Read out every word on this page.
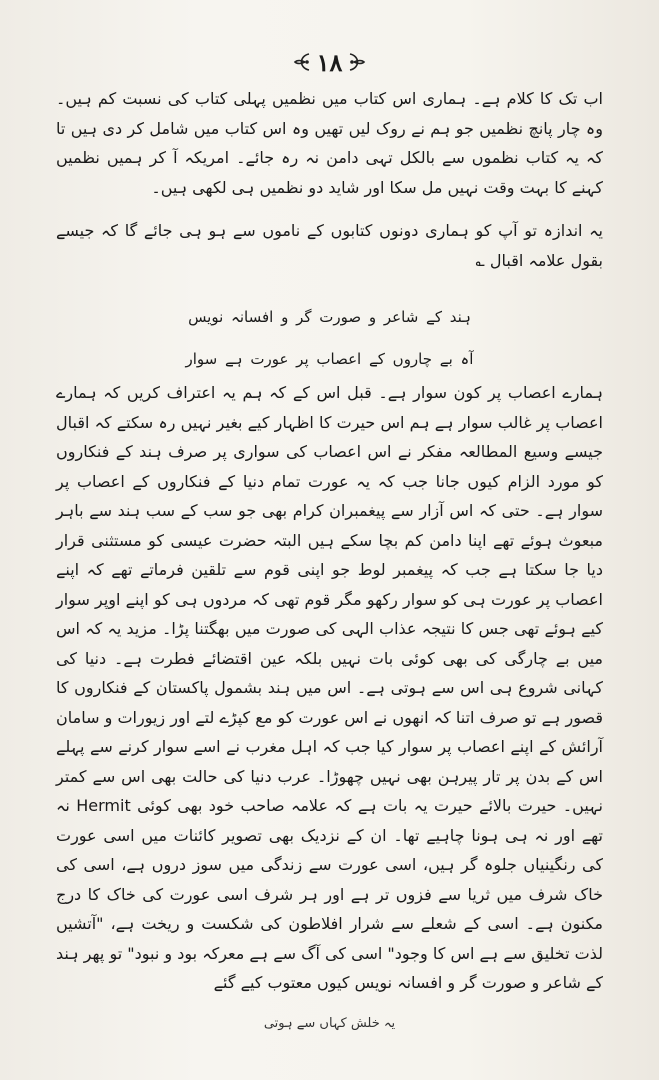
۱۸

اب تک کا کلام ہے۔ ہماری اس کتاب میں نظمیں پہلی کتاب کی نسبت کم ہیں۔ وہ چار پانچ نظمیں جو ہم نے روک لیں تھیں وہ اس کتاب میں شامل کر دی ہیں تا کہ یہ کتاب نظموں سے بالکل تہی دامن نہ رہ جائے۔ امریکہ آ کر ہمیں نظمیں کہنے کا بہت وقت نہیں مل سکا اور شاید دو نظمیں ہی لکھی ہیں۔

یہ اندازہ تو آپ کو ہماری دونوں کتابوں کے ناموں سے ہو ہی جائے گا کہ جیسے بقول علامہ اقبال ؎

ہند کے شاعر و صورت گر و افسانہ نویس

آہ بے چاروں کے اعصاب پر عورت ہے سوار

ہمارے اعصاب پر کون سوار ہے۔ قبل اس کے کہ ہم یہ اعتراف کریں کہ ہمارے اعصاب پر غالب سوار ہے ہم اس حیرت کا اظہار کیے بغیر نہیں رہ سکتے کہ اقبال جیسے وسیع المطالعہ مفکر نے اس اعصاب کی سواری پر صرف ہند کے فنکاروں کو مورد الزام کیوں جانا جب کہ یہ عورت تمام دنیا کے فنکاروں کے اعصاب پر سوار ہے۔ حتی کہ اس آزار سے پیغمبران کرام بھی جو سب کے سب ہند سے باہر مبعوث ہوئے تھے اپنا دامن کم بچا سکے ہیں البتہ حضرت عیسی کو مستثنی قرار دیا جا سکتا ہے جب کہ پیغمبر لوط جو اپنی قوم سے تلقین فرماتے تھے کہ اپنے اعصاب پر عورت ہی کو سوار رکھو مگر قوم تھی کہ مردوں ہی کو اپنے اوپر سوار کیے ہوئے تھی جس کا نتیجہ عذاب الہی کی صورت میں بھگتنا پڑا۔ مزید یہ کہ اس میں بے چارگی کی بھی کوئی بات نہیں بلکہ عین اقتضائے فطرت ہے۔ دنیا کی کہانی شروع ہی اس سے ہوتی ہے۔ اس میں ہند بشمول پاکستان کے فنکاروں کا قصور ہے تو صرف اتنا کہ انھوں نے اس عورت کو مع کپڑے لتے اور زیورات و سامان آرائش کے اپنے اعصاب پر سوار کیا جب کہ اہل مغرب نے اسے سوار کرنے سے پہلے اس کے بدن پر تار پیرہن بھی نہیں چھوڑا۔ عرب دنیا کی حالت بھی اس سے کمتر نہیں۔ حیرت بالائے حیرت یہ بات ہے کہ علامہ صاحب خود بھی کوئی Hermit نہ تھے اور نہ ہی ہونا چاہیے تھا۔ ان کے نزدیک بھی تصویر کائنات میں اسی عورت کی رنگینیاں جلوہ گر ہیں، اسی عورت سے زندگی میں سوز دروں ہے، اسی کی خاک شرف میں ثریا سے فزوں تر ہے اور ہر شرف اسی عورت کی خاک کا درج مکنون ہے۔ اسی کے شعلے سے شرار افلاطون کی شکست و ریخت ہے، "آتشیں لذت تخلیق سے ہے اس کا وجود" اسی کی آگ سے ہے معرکہ بود و نبود" تو پھر ہند کے شاعر و صورت گر و افسانہ نویس کیوں معتوب کیے گئے

یہ خلش کہاں سے ہوتی
